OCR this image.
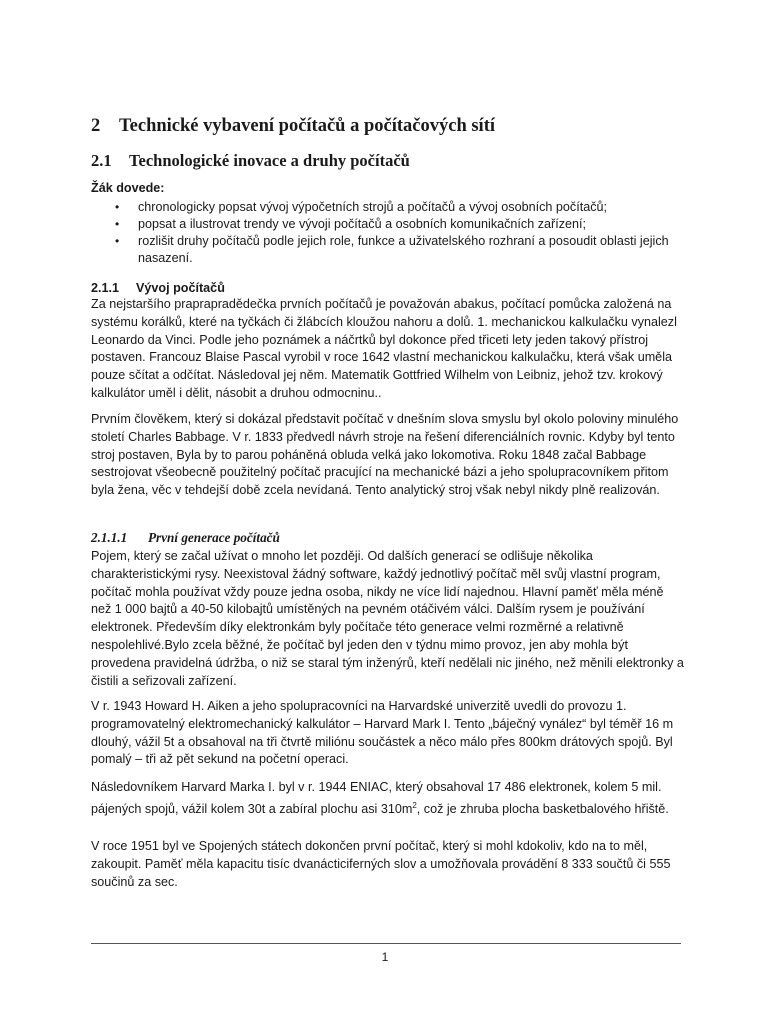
2 Technické vybavení počítačů a počítačových sítí
2.1 Technologické inovace a druhy počítačů
Žák dovede:
• chronologicky popsat vývoj výpočetních strojů a počítačů a vývoj osobních počítačů;
• popsat a ilustrovat trendy ve vývoji počítačů a osobních komunikačních zařízení;
• rozlišit druhy počítačů podle jejich role, funkce a uživatelského rozhraní a posoudit oblasti jejich nasazení.
2.1.1 Vývoj počítačů

Za nejstaršího praprapradědečka prvních počítačů je považován abakus, počítací pomůcka založená na systému korálků, které na tyčkách či žlábcích kloužou nahoru a dolů. 1. mechanickou kalkulačku vynalezl Leonardo da Vinci. Podle jeho poznámek a náčrtků byl dokonce před třiceti lety jeden takový přístroj postaven. Francouz Blaise Pascal vyrobil v roce 1642 vlastní mechanickou kalkulačku, která však uměla pouze sčítat a odčítat. Následoval jej něm. Matematik Gottfried Wilhelm von Leibniz, jehož tzv. krokový kalkulátor uměl i dělit, násobit a druhou odmocninu..

Prvním člověkem, který si dokázal představit počítač v dnešním slova smyslu byl okolo poloviny minulého století Charles Babbage. V r. 1833 předvedl návrh stroje na řešení diferenciálních rovnic. Kdyby byl tento stroj postaven, Byla by to parou poháněná obluda velká jako lokomotiva. Roku 1848 začal Babbage sestrojovat všeobecně použitelný počítač pracující na mechanické bázi a jeho spolupracovníkem přitom byla žena, věc v tehdejší době zcela nevídaná. Tento analytický stroj však nebyl nikdy plně realizován.

2.1.1.1 První generace počítačů

Pojem, který se začal užívat o mnoho let později. Od dalších generací se odlišuje několika charakteristickými rysy. Neexistoval žádný software, každý jednotlivý počítač měl svůj vlastní program, počítač mohla používat vždy pouze jedna osoba, nikdy ne více lidí najednou. Hlavní paměť měla méně než 1 000 bajtů a 40-50 kilobajtů umístěných na pevném otáčivém válci. Dalším rysem je používání elektronek. Především díky elektronkám byly počítače této generace velmi rozměrné a relativně nespolehlivé.Bylo zcela běžné, že počítač byl jeden den v týdnu mimo provoz, jen aby mohla být provedena pravidelná údržba, o niž se staral tým inženýrů, kteří nedělali nic jiného, než měnili elektronky a čistili a seřizovali zařízení.

V r. 1943 Howard H. Aiken a jeho spolupracovníci na Harvardské univerzitě uvedli do provozu 1. programovatelný elektromechanický kalkulátor – Harvard Mark I. Tento „báječný vynález“ byl téměř 16 m dlouhý, vážil 5t a obsahoval na tři čtvrtě miliónu součástek a něco málo přes 800km drátových spojů. Byl pomalý – tři až pět sekund na početní operaci.

Následovníkem Harvard Marka I. byl v r. 1944 ENIAC, který obsahoval 17 486 elektronek, kolem 5 mil. pájených spojů, vážil kolem 30t a zabíral plochu asi $310m^2$, což je zhruba plocha basketbalového hřiště.

V roce 1951 byl ve Spojených státech dokončen první počítač, který si mohl kdokoliv, kdo na to měl, zakoupit. Paměť měla kapacitu tisíc dvanácticiferných slov a umožňovala provádění 8 333 součtů či 555 součinů za sec.

1
